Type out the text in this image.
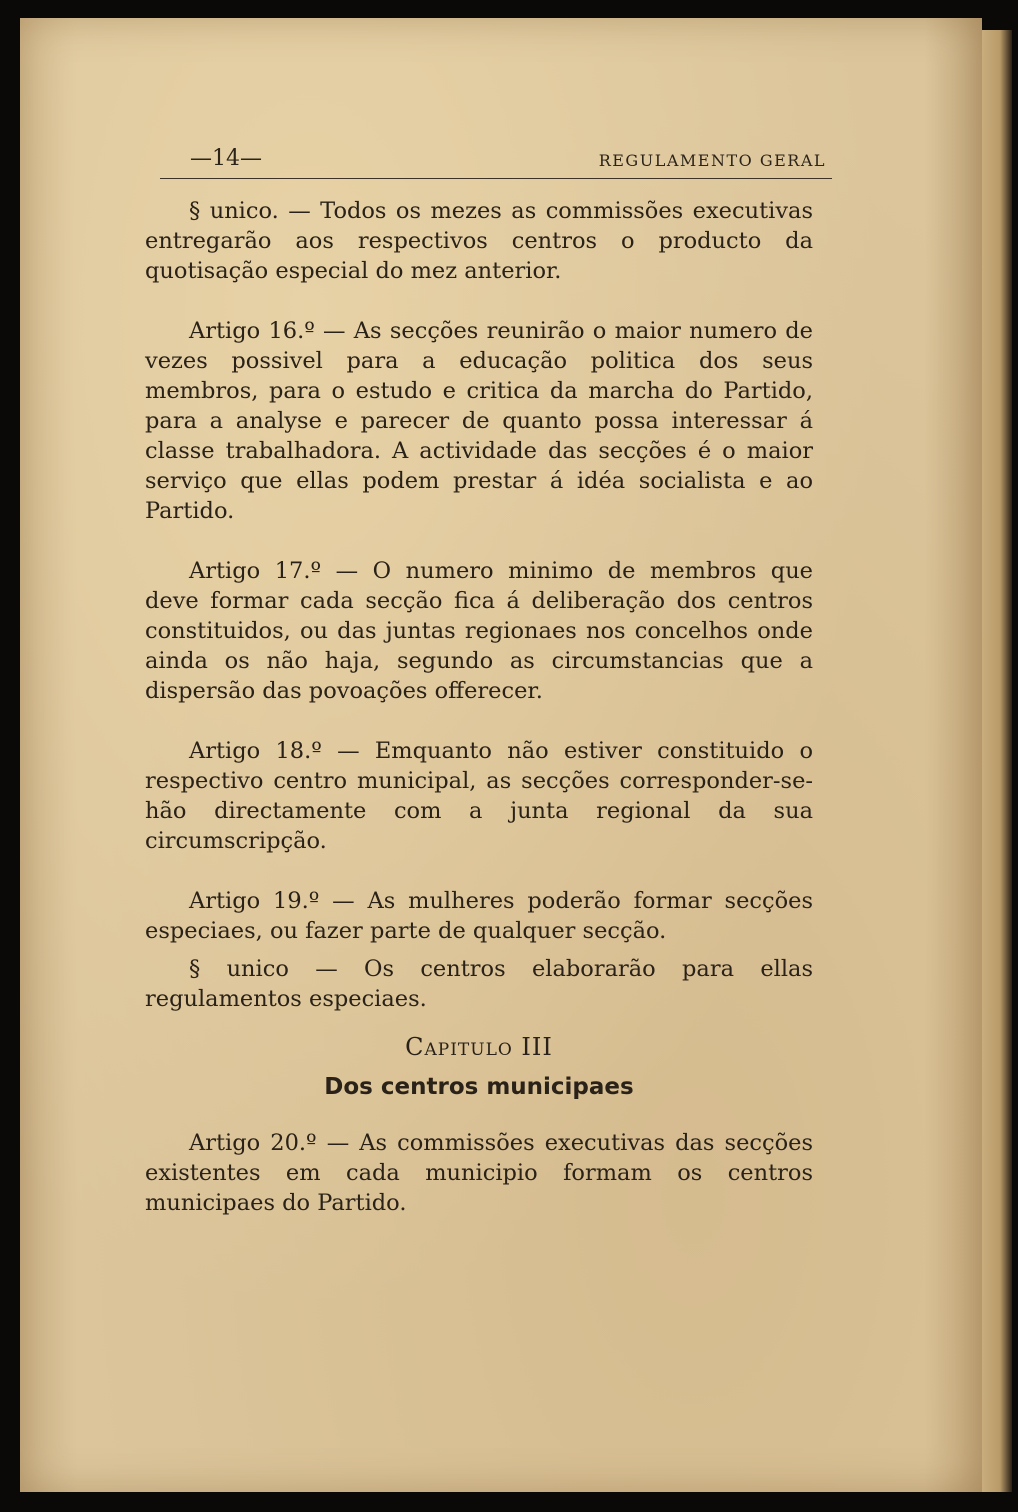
—14—	REGULAMENTO GERAL

§ unico. — Todos os mezes as commissões executivas entregarão aos respectivos centros o producto da quotisação especial do mez anterior.

Artigo 16.º — As secções reunirão o maior numero de vezes possivel para a educação politica dos seus membros, para o estudo e critica da marcha do Partido, para a analyse e parecer de quanto possa interessar á classe trabalhadora. A actividade das secções é o maior serviço que ellas podem prestar á idéa socialista e ao Partido.

Artigo 17.º — O numero minimo de membros que deve formar cada secção fica á deliberação dos centros constituidos, ou das juntas regionaes nos concelhos onde ainda os não haja, segundo as circumstancias que a dispersão das povoações offerecer.

Artigo 18.º — Emquanto não estiver constituido o respectivo centro municipal, as secções corresponder-se-hão directamente com a junta regional da sua circumscripção.

Artigo 19.º — As mulheres poderão formar secções especiaes, ou fazer parte de qualquer secção.

§ unico — Os centros elaborarão para ellas regulamentos especiaes.

Capitulo III

Dos centros municipaes

Artigo 20.º — As commissões executivas das secções existentes em cada municipio formam os centros municipaes do Partido.
